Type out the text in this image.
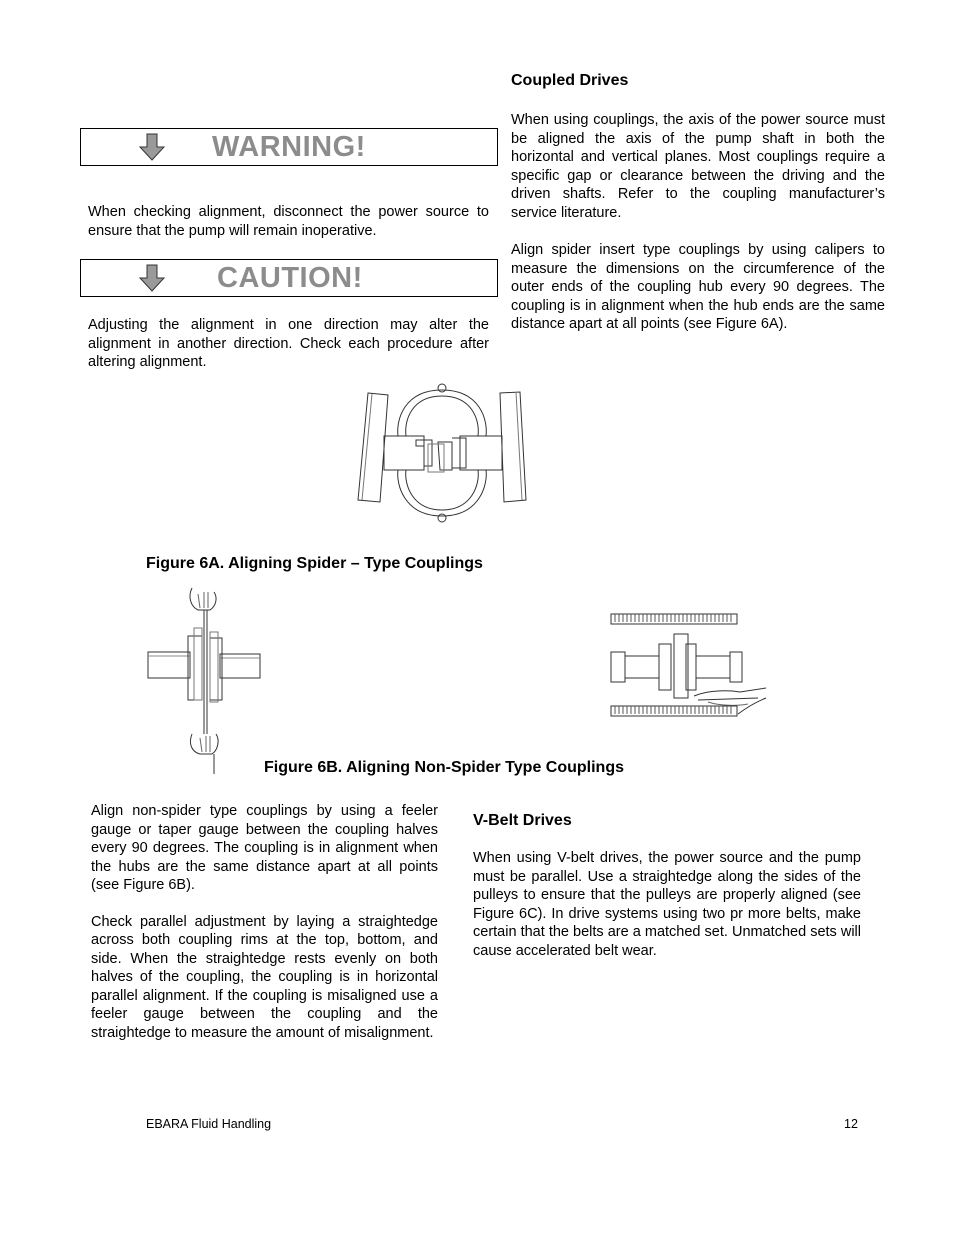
Coupled Drives

When using couplings, the axis of the power source must be aligned the axis of the pump shaft in both the horizontal and vertical planes. Most couplings require a specific gap or clearance between the driving and the driven shafts. Refer to the coupling manufacturer’s service literature.

Align spider insert type couplings by using calipers to measure the dimensions on the circumference of the outer ends of the coupling hub every 90 degrees. The coupling is in alignment when the hub ends are the same distance apart at all points (see Figure 6A).

WARNING!

When checking alignment, disconnect the power source to ensure that the pump will remain inoperative.

CAUTION!

Adjusting the alignment in one direction may alter the alignment in another direction. Check each procedure after altering alignment.

Figure 6A. Aligning Spider – Type Couplings

Figure 6B. Aligning Non-Spider Type Couplings

Align non-spider type couplings by using a feeler gauge or taper gauge between the coupling halves every 90 degrees. The coupling is in alignment when the hubs are the same distance apart at all points (see Figure 6B).

Check parallel adjustment by laying a straightedge across both coupling rims at the top, bottom, and side. When the straightedge rests evenly on both halves of the coupling, the coupling is in horizontal parallel alignment. If the coupling is misaligned use a feeler gauge between the coupling and the straightedge to measure the amount of misalignment.

V-Belt Drives

When using V-belt drives, the power source and the pump must be parallel. Use a straightedge along the sides of the pulleys to ensure that the pulleys are properly aligned (see Figure 6C). In drive systems using two pr more belts, make certain that the belts are a matched set. Unmatched sets will cause accelerated belt wear.

EBARA Fluid Handling	12
